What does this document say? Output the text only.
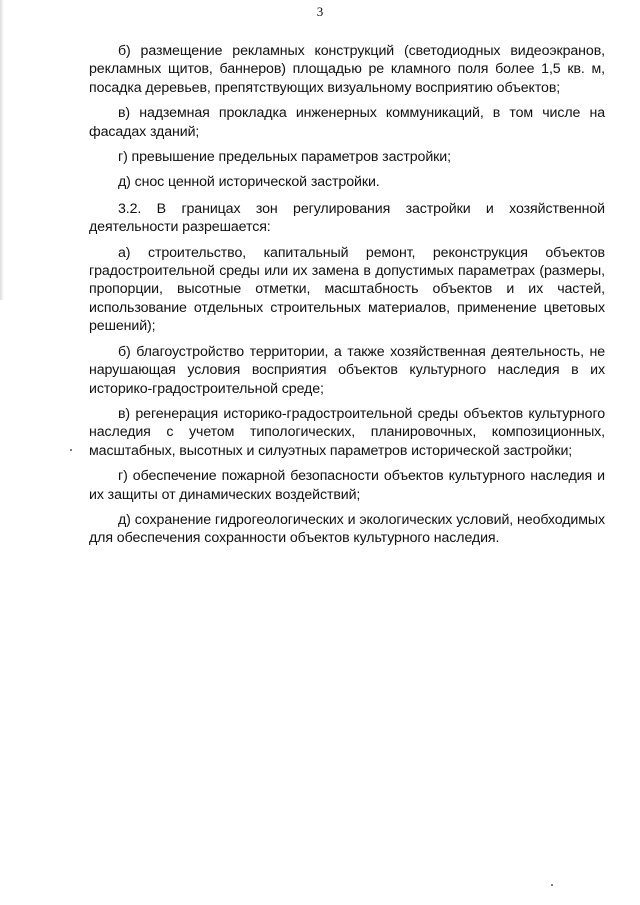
3

б) размещение рекламных конструкций (светодиодных видеоэкранов, рекламных щитов, баннеров) площадью ре кламного поля более 1,5 кв. м, посадка деревьев, препятствующих визуальному восприятию объектов;

в) надземная прокладка инженерных коммуникаций, в том числе на фасадах зданий;

г) превышение предельных параметров застройки;

д) снос ценной исторической застройки.

3.2. В границах зон регулирования застройки и хозяйственной деятельности разрешается:

а) строительство, капитальный ремонт, реконструкция объектов градостроительной среды или их замена в допустимых параметрах (размеры, пропорции, высотные отметки, масштабность объектов и их частей, использование отдельных строительных материалов, применение цветовых решений);

б) благоустройство территории, а также хозяйственная деятельность, не нарушающая условия восприятия объектов культурного наследия в их историко-градостроительной среде;

в) регенерация историко-градостроительной среды объектов культурного наследия с учетом типологических, планировочных, композиционных, масштабных, высотных и силуэтных параметров исторической застройки;

г) обеспечение пожарной безопасности объектов культурного наследия и их защиты от динамических воздействий;

д) сохранение гидрогеологических и экологических условий, необходимых для обеспечения сохранности объектов культурного наследия.
